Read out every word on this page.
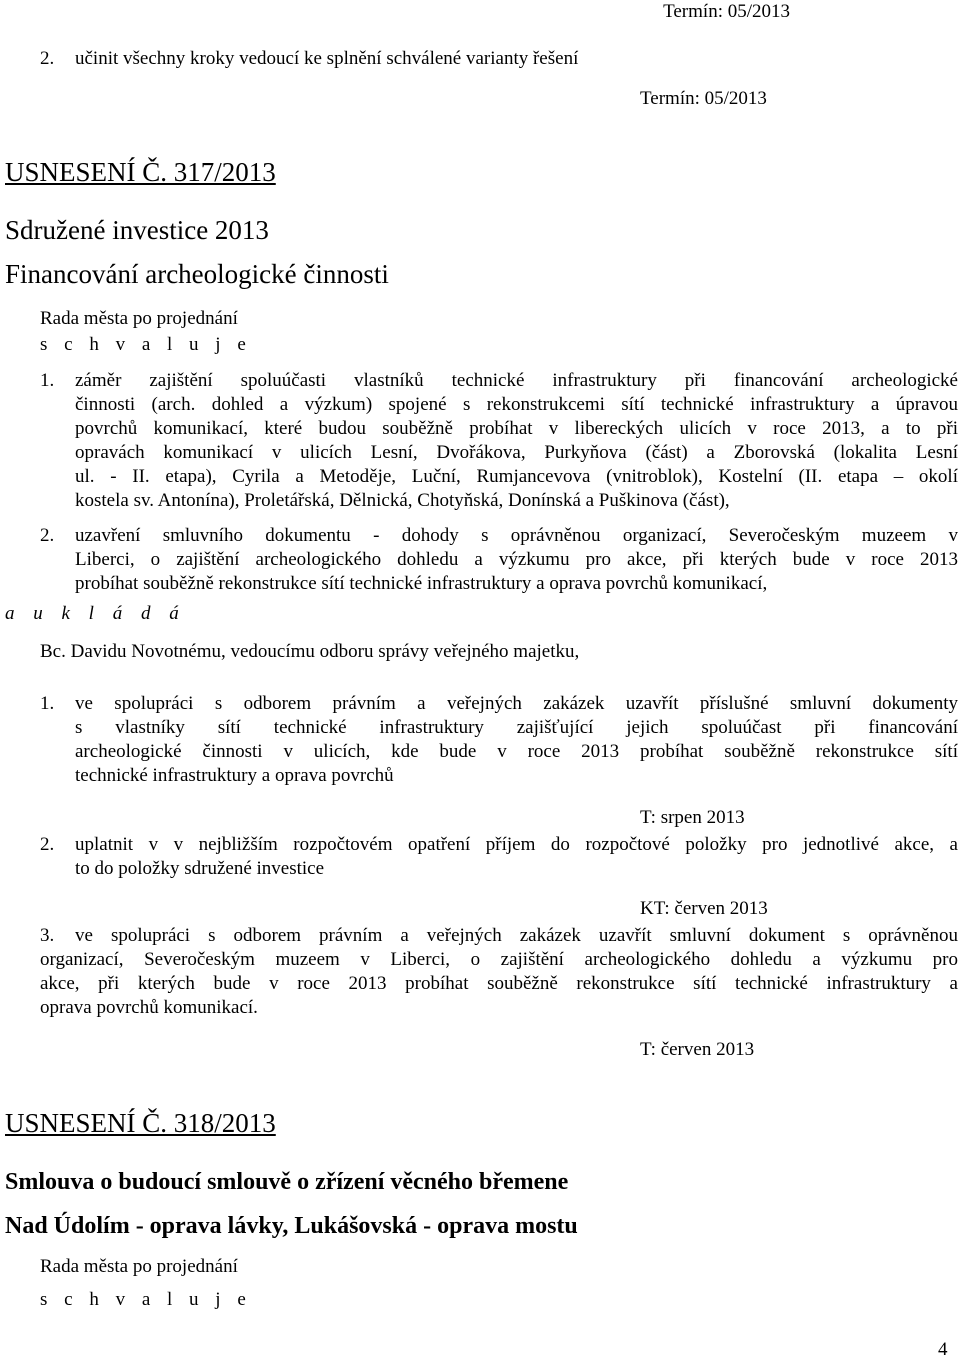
Termín: 05/2013
2. učinit všechny kroky vedoucí ke splnění schválené varianty řešení
Termín: 05/2013
USNESENÍ Č. 317/2013
Sdružené investice 2013
Financování archeologické činnosti
Rada města po projednání
s c h v a l u j e
1. záměr zajištění spoluúčasti vlastníků technické infrastruktury při financování archeologické
činnosti (arch. dohled a výzkum) spojené s rekonstrukcemi sítí technické infrastruktury a úpravou
povrchů komunikací, které budou souběžně probíhat v libereckých ulicích v roce 2013, a to při
opravách komunikací v ulicích Lesní, Dvořákova, Purkyňova (část) a Zborovská (lokalita Lesní
ul. - II. etapa), Cyrila a Metoděje, Luční, Rumjancevova (vnitroblok), Kostelní (II. etapa – okolí
kostela sv. Antonína), Proletářská, Dělnická, Chotyňská, Donínská a Puškinova (část),
2. uzavření smluvního dokumentu - dohody s oprávněnou organizací, Severočeským muzeem v
Liberci, o zajištění archeologického dohledu a výzkumu pro akce, při kterých bude v roce 2013
probíhat souběžně rekonstrukce sítí technické infrastruktury a oprava povrchů komunikací,
a u k l á d á
Bc. Davidu Novotnému, vedoucímu odboru správy veřejného majetku,
1. ve spolupráci s odborem právním a veřejných zakázek uzavřít příslušné smluvní dokumenty
s vlastníky sítí technické infrastruktury zajišťující jejich spoluúčast při financování
archeologické činnosti v ulicích, kde bude v roce 2013 probíhat souběžně rekonstrukce sítí
technické infrastruktury a oprava povrchů
T: srpen 2013
2. uplatnit v v nejbližším rozpočtovém opatření příjem do rozpočtové položky pro jednotlivé akce, a
to do položky sdružené investice
KT: červen 2013
3. ve spolupráci s odborem právním a veřejných zakázek uzavřít smluvní dokument s oprávněnou
organizací, Severočeským muzeem v Liberci, o zajištění archeologického dohledu a výzkumu pro
akce, při kterých bude v roce 2013 probíhat souběžně rekonstrukce sítí technické infrastruktury a
oprava povrchů komunikací.
T: červen 2013
USNESENÍ Č. 318/2013
Smlouva o budoucí smlouvě o zřízení věcného břemene
Nad Údolím - oprava lávky, Lukášovská - oprava mostu
Rada města po projednání
s c h v a l u j e
4
